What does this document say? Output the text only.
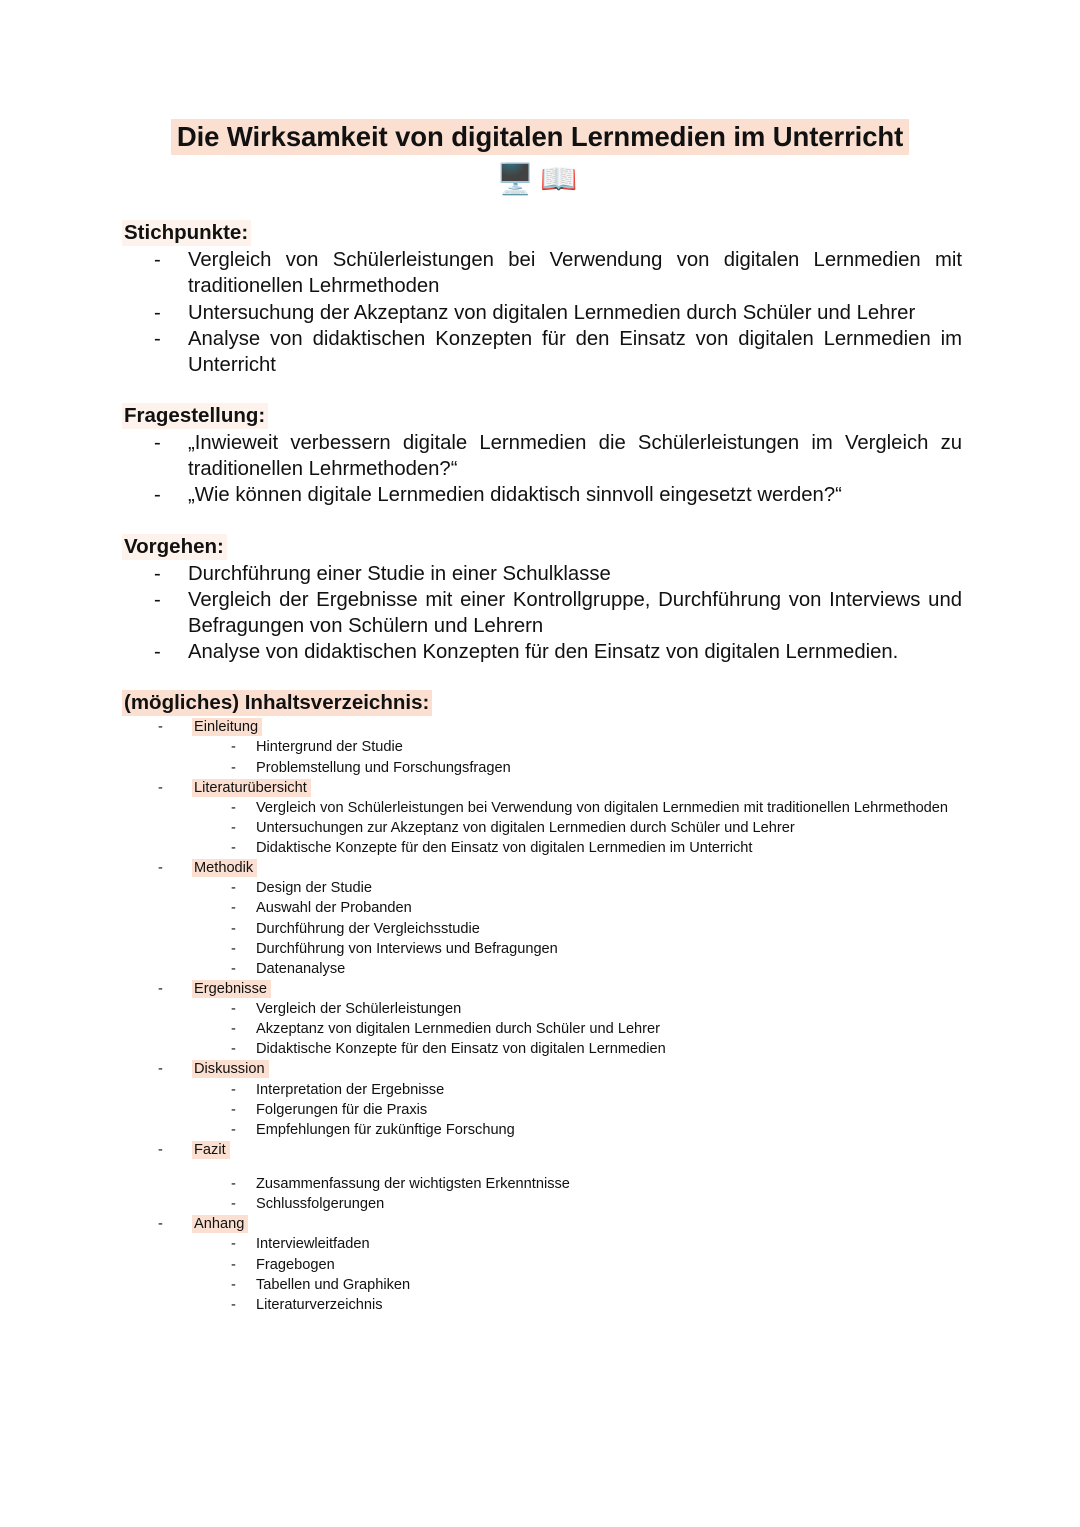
Die Wirksamkeit von digitalen Lernmedien im Unterricht
🖥️📖
Stichpunkte:
- Vergleich von Schülerleistungen bei Verwendung von digitalen Lernmedien mit traditionellen Lehrmethoden
- Untersuchung der Akzeptanz von digitalen Lernmedien durch Schüler und Lehrer
- Analyse von didaktischen Konzepten für den Einsatz von digitalen Lernmedien im Unterricht
Fragestellung:
- „Inwieweit verbessern digitale Lernmedien die Schülerleistungen im Vergleich zu traditionellen Lehrmethoden?“
- „Wie können digitale Lernmedien didaktisch sinnvoll eingesetzt werden?“
Vorgehen:
- Durchführung einer Studie in einer Schulklasse
- Vergleich der Ergebnisse mit einer Kontrollgruppe, Durchführung von Interviews und Befragungen von Schülern und Lehrern
- Analyse von didaktischen Konzepten für den Einsatz von digitalen Lernmedien.
(mögliches) Inhaltsverzeichnis:
- Einleitung
- Hintergrund der Studie
- Problemstellung und Forschungsfragen
- Literaturübersicht
- Vergleich von Schülerleistungen bei Verwendung von digitalen Lernmedien mit traditionellen Lehrmethoden
- Untersuchungen zur Akzeptanz von digitalen Lernmedien durch Schüler und Lehrer
- Didaktische Konzepte für den Einsatz von digitalen Lernmedien im Unterricht
- Methodik
- Design der Studie
- Auswahl der Probanden
- Durchführung der Vergleichsstudie
- Durchführung von Interviews und Befragungen
- Datenanalyse
- Ergebnisse
- Vergleich der Schülerleistungen
- Akzeptanz von digitalen Lernmedien durch Schüler und Lehrer
- Didaktische Konzepte für den Einsatz von digitalen Lernmedien
- Diskussion
- Interpretation der Ergebnisse
- Folgerungen für die Praxis
- Empfehlungen für zukünftige Forschung
- Fazit
- Zusammenfassung der wichtigsten Erkenntnisse
- Schlussfolgerungen
- Anhang
- Interviewleitfaden
- Fragebogen
- Tabellen und Graphiken
- Literaturverzeichnis
